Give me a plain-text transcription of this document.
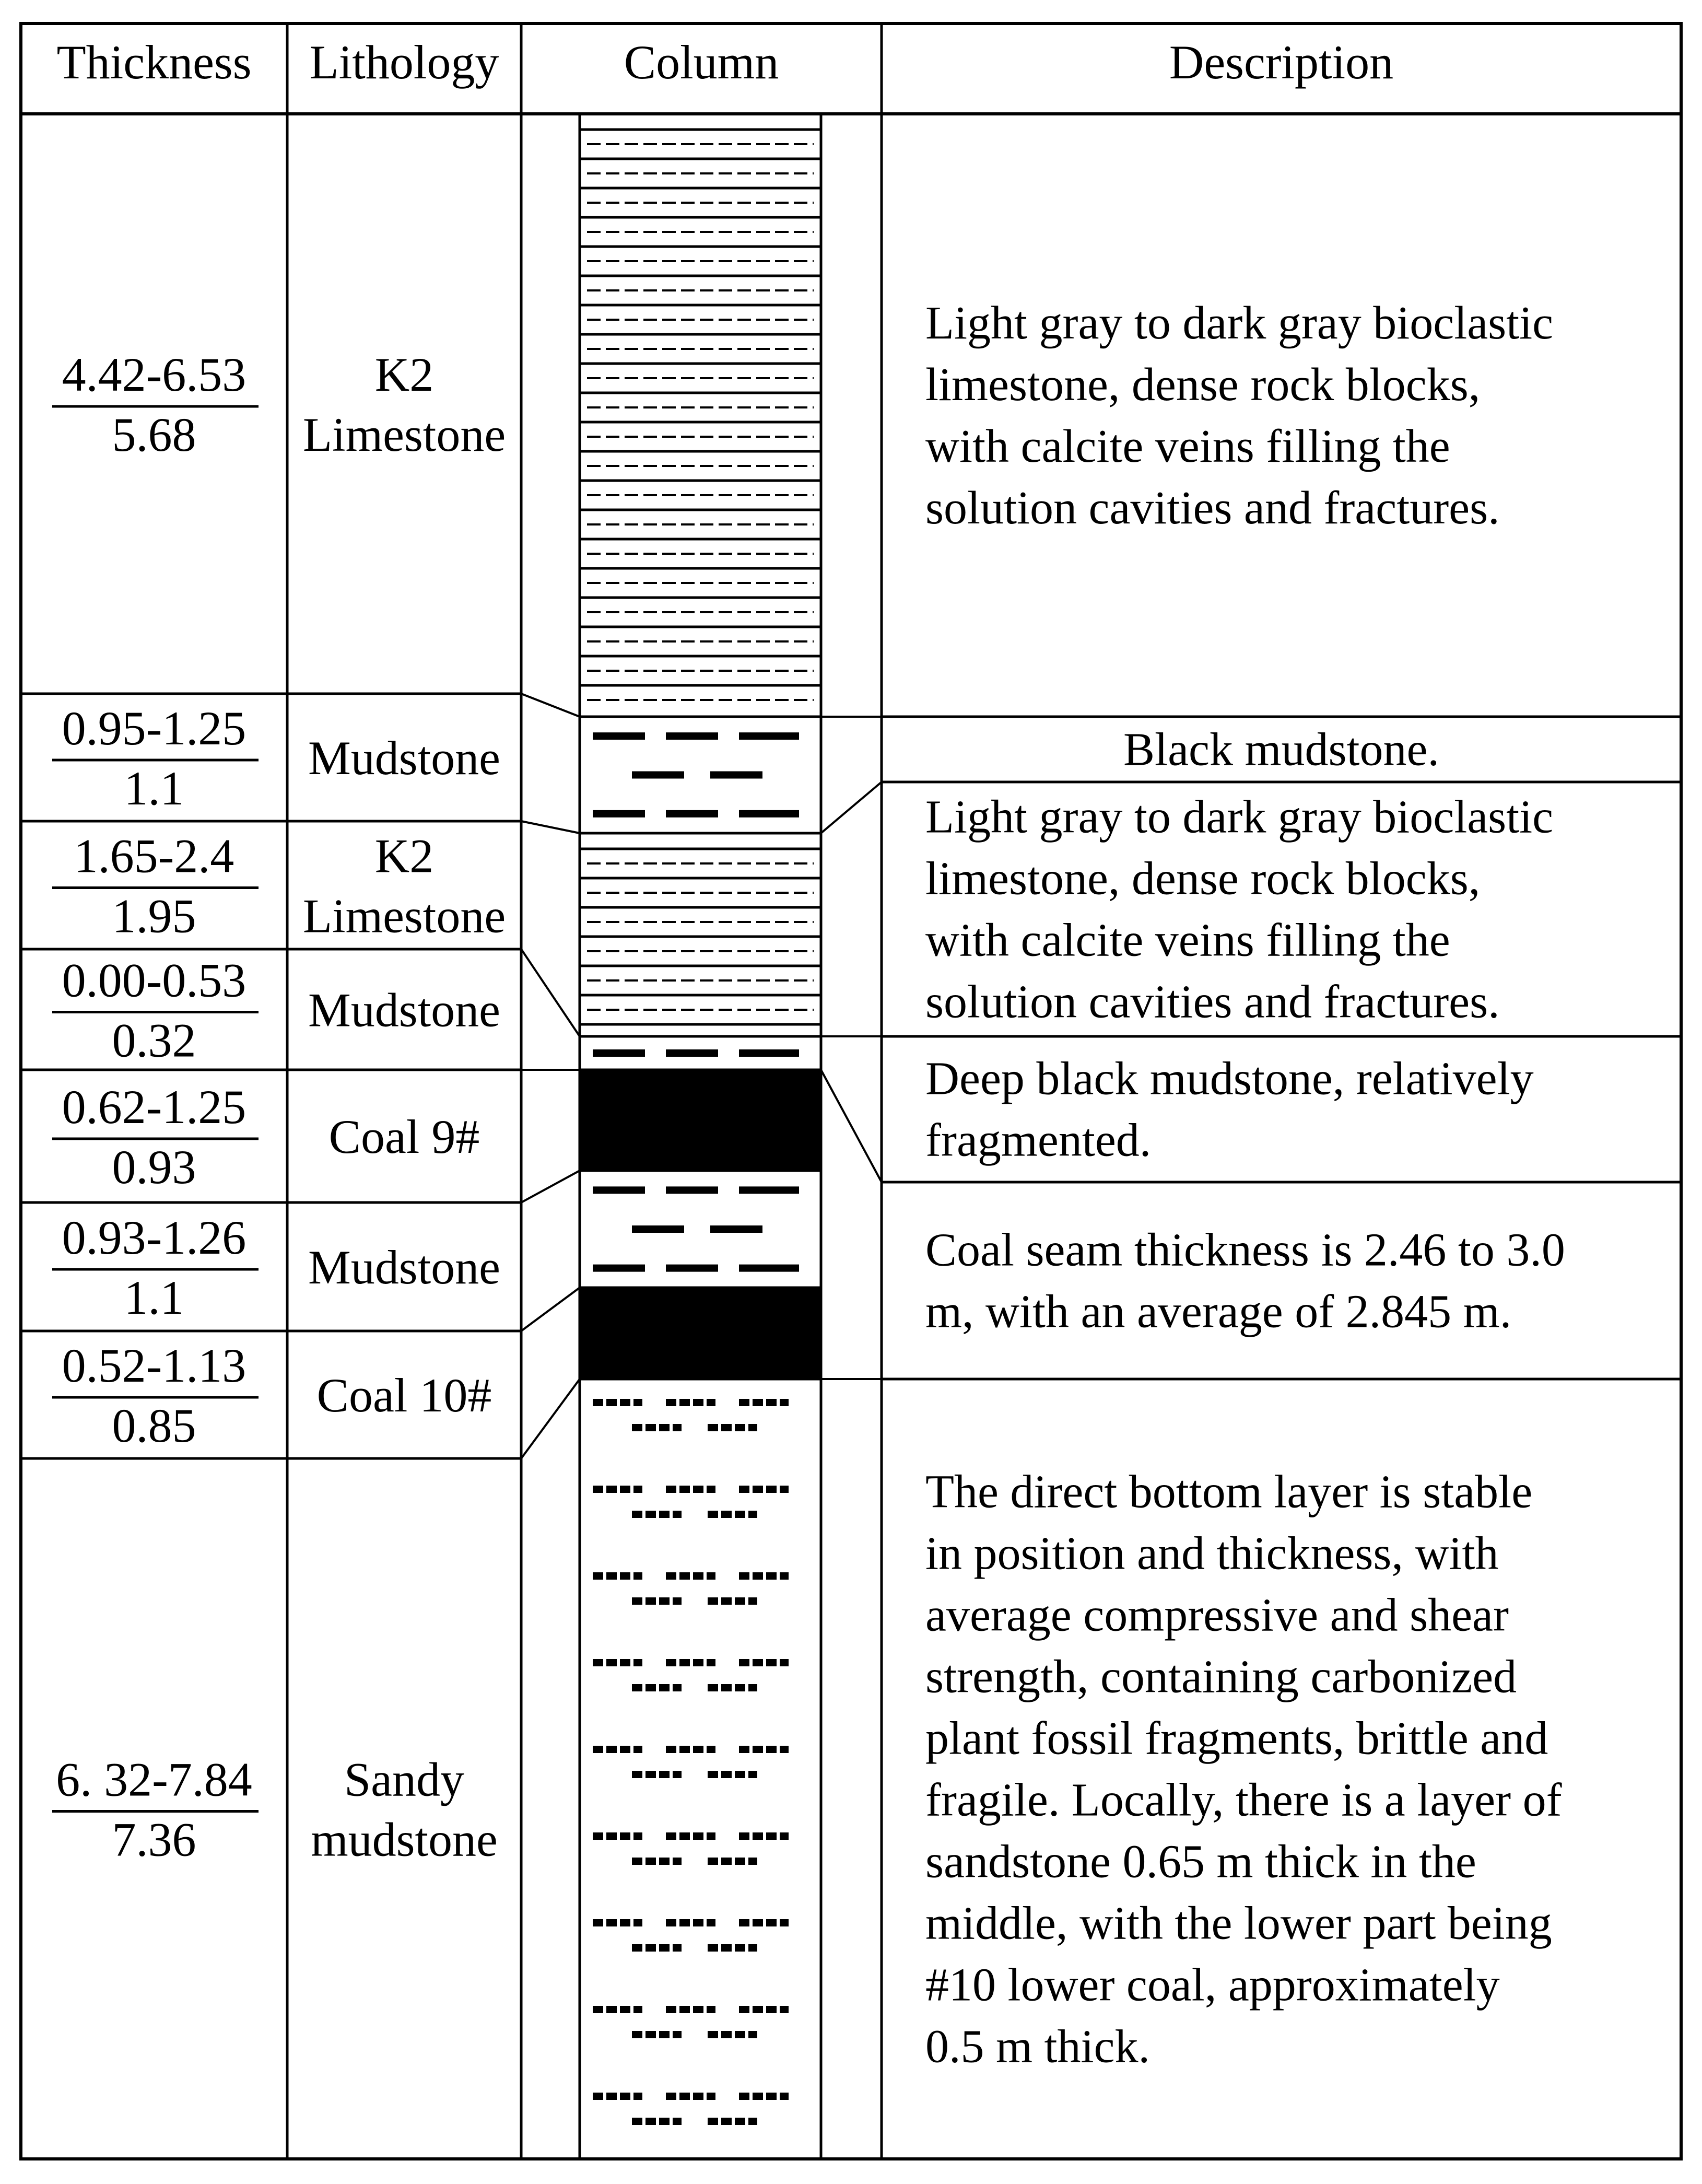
Thickness Lithology	Column	Description
4.42-6.53
5.68
K2
Limestone
0.95-1.25
1.1
Mudstone
1.65-2.4
1.95
K2
Limestone
0.00-0.53
0.32
Mudstone
0.62-1.25
0.93
Coal 9#
0.93-1.26
1.1
Mudstone
0.52-1.13
0.85
Coal 10#
6. 32-7.84
7.36
Sandy
mudstone
Light gray to dark gray bioclastic
limestone, dense rock blocks,
with calcite veins filling the
solution cavities and fractures.
Black mudstone.
Light gray to dark gray bioclastic
limestone, dense rock blocks,
with calcite veins filling the
solution cavities and fractures.
Deep black mudstone, relatively
fragmented.
Coal seam thickness is 2.46 to 3.0
m, with an average of 2.845 m.
The direct bottom layer is stable
in position and thickness, with
average compressive and shear
strength, containing carbonized
plant fossil fragments, brittle and
fragile. Locally, there is a layer of
sandstone 0.65 m thick in the
middle, with the lower part being
#10 lower coal, approximately
0.5 m thick.
